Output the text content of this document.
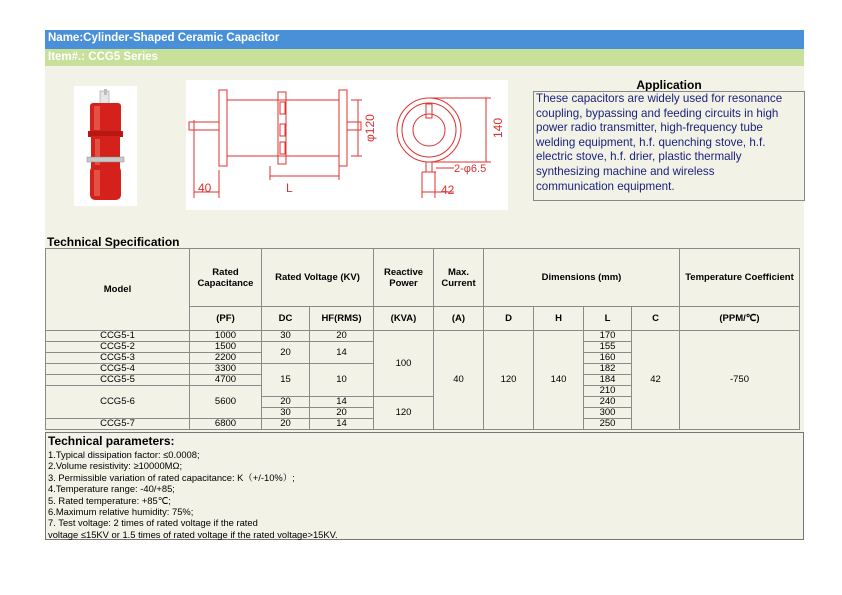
Name:Cylinder-Shaped Ceramic Capacitor
Item#.: CCG5 Series
40	L
φ120	140
2-φ6.5
42
Application
These capacitors are widely used for resonance
coupling, bypassing and feeding circuits in high
power radio transmitter, high-frequency tube
welding equipment, h.f. quenching stove, h.f.
electric stove, h.f. drier, plastic thermally
synthesizing machine and wireless
communication equipment.
Technical Specification
Model	Rated Capacitance	Rated Voltage (KV)		Reactive Power	Max. Current	Dimensions (mm)				Temperature Coefficient
	(PF)	DC	HF(RMS)	(KVA)	(A)	D	H	L	C	(PPM/℃)
CCG5-1	1000	30	20	100	40	120	140	170	42	-750
CCG5-2	1500	20	14					155		
CCG5-3	2200							160		
CCG5-4	3300	15	10					182		
CCG5-5	4700							184		
CCG5-6	5600							210		
		20	14	120				240		
		30	20					300		
CCG5-7	6800	20	14					250		
Technical parameters:
1.Typical dissipation factor: ≤0.0008;
2.Volume resistivity: ≥10000MΩ;
3. Permissible variation of rated capacitance: K（+/-10%）;
4.Temperature range: -40/+85;
5. Rated temperature: +85℃;
6.Maximum relative humidity: 75%;
7. Test voltage: 2 times of rated voltage if the rated
voltage ≤15KV or 1.5 times of rated voltage if the rated voltage>15KV.
